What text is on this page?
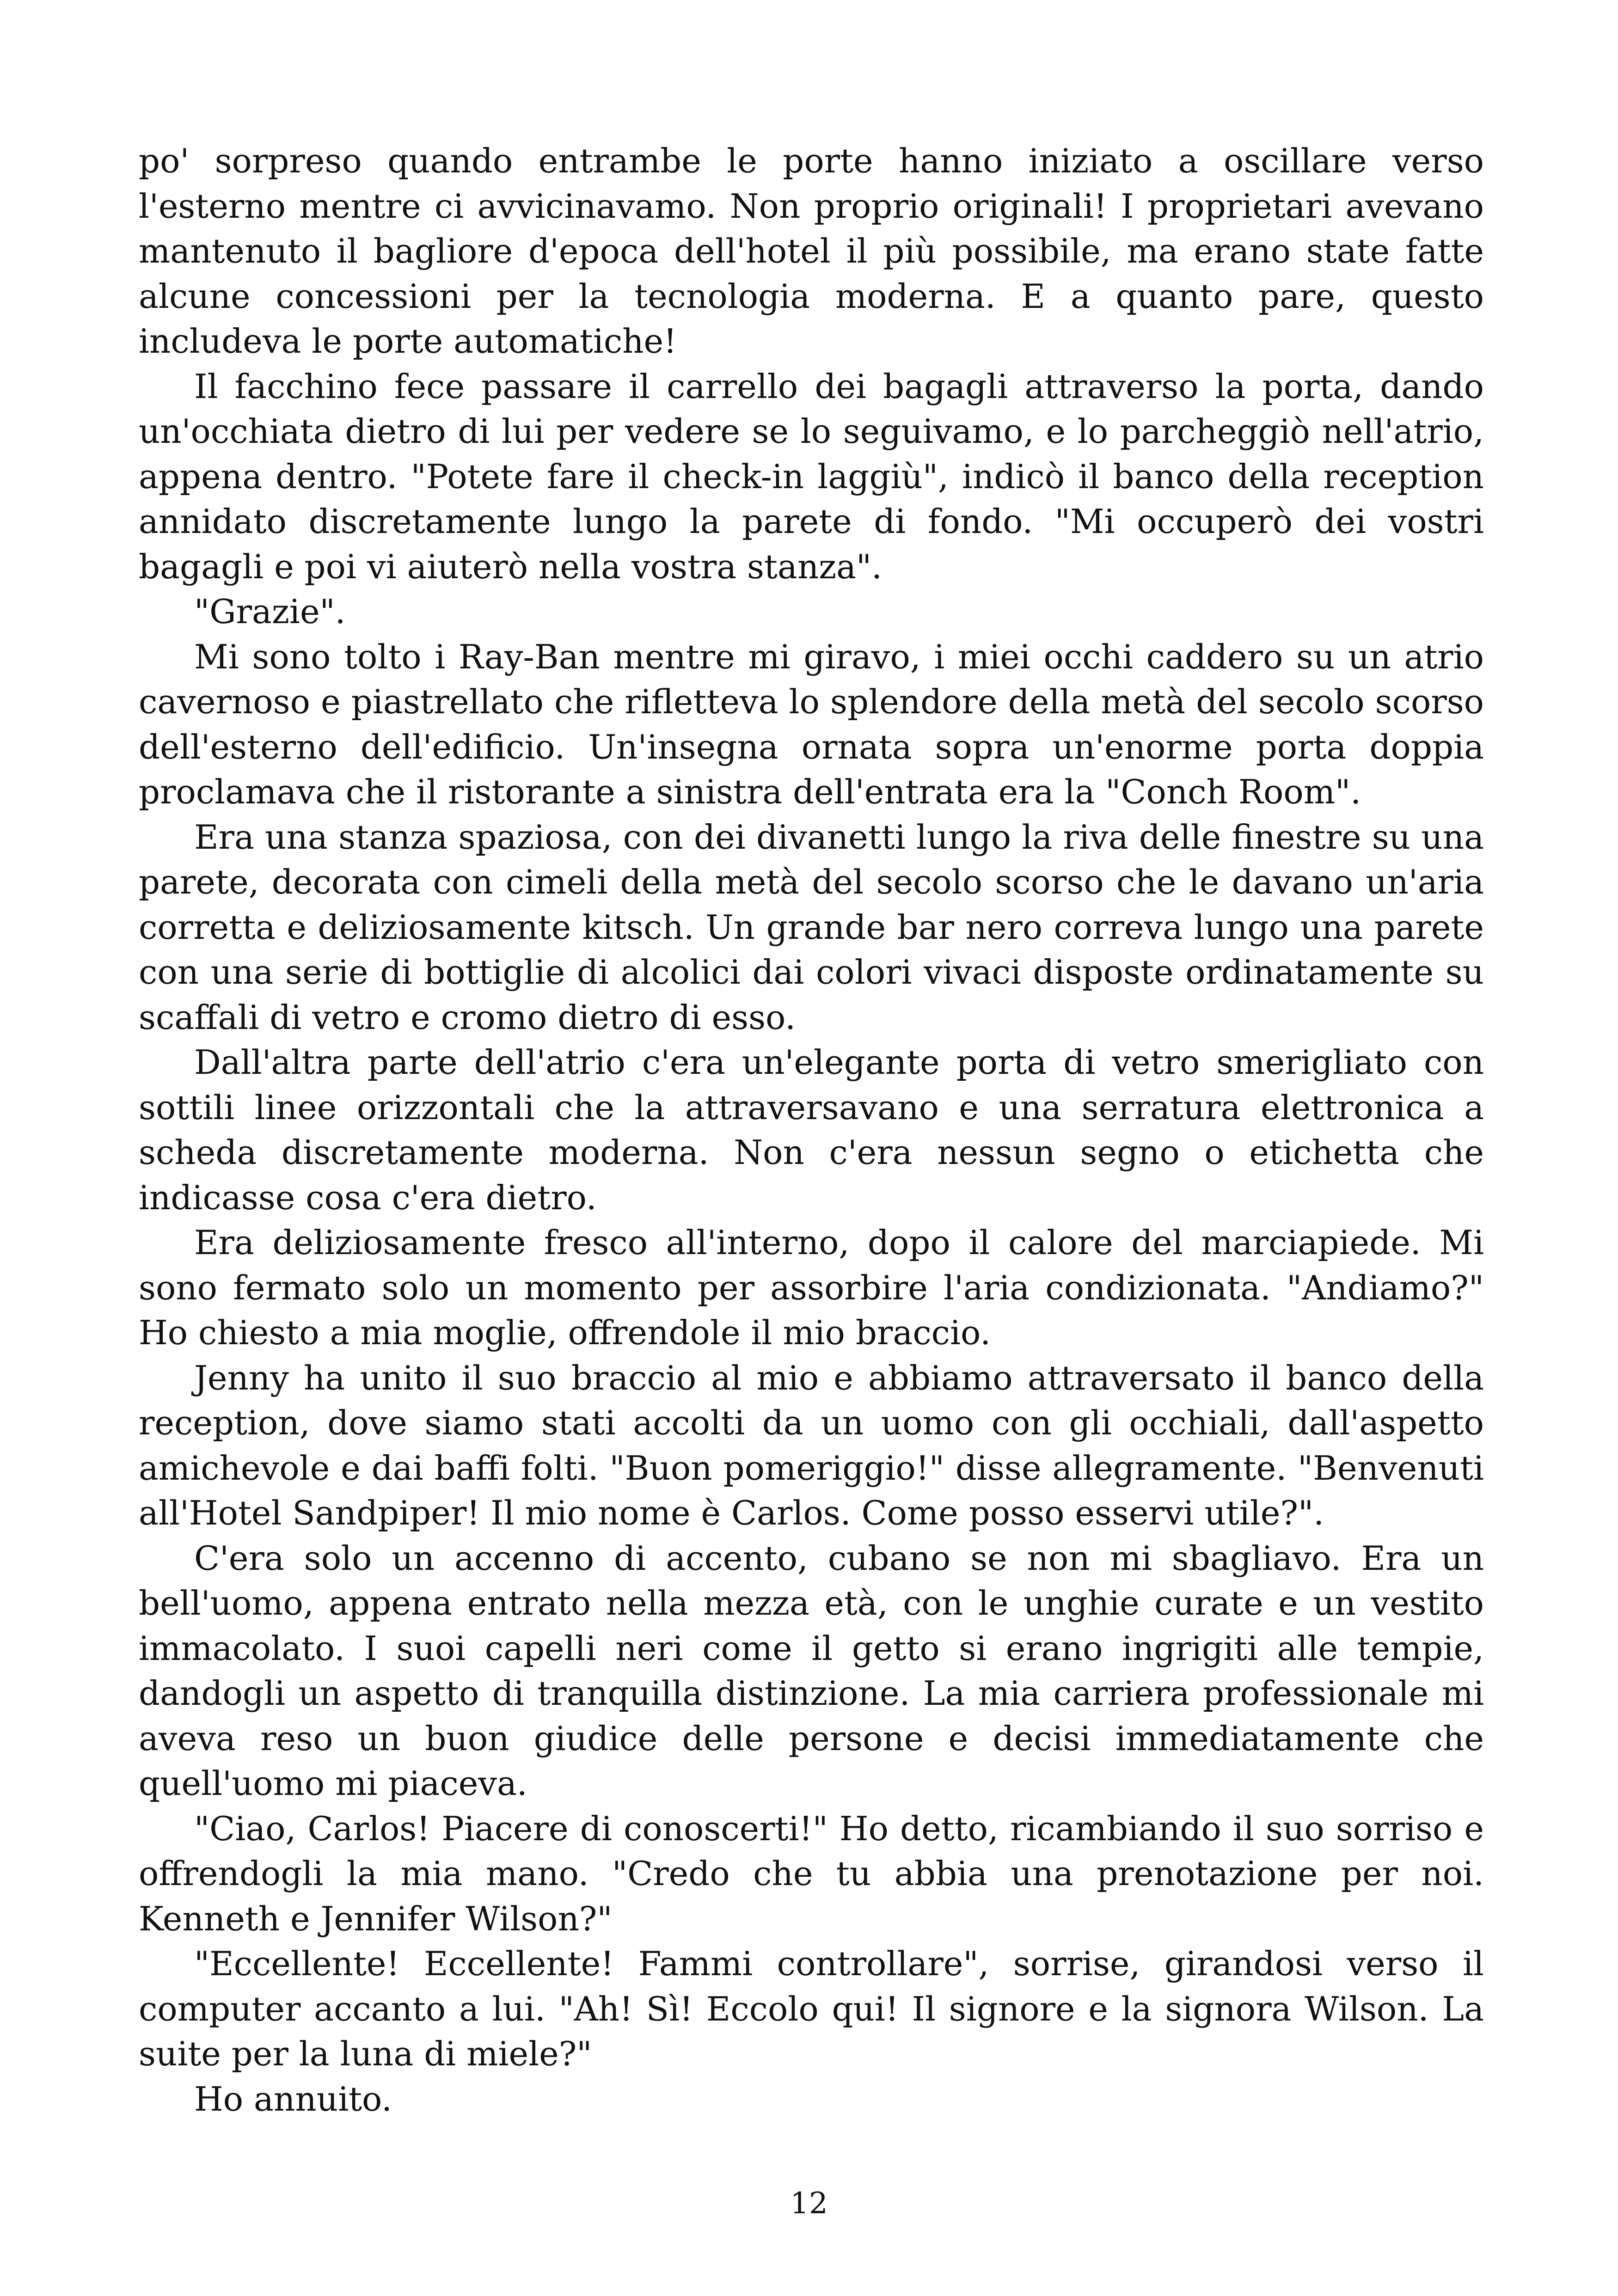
po' sorpreso quando entrambe le porte hanno iniziato a oscillare verso l'esterno mentre ci avvicinavamo. Non proprio originali! I proprietari avevano mantenuto il bagliore d'epoca dell'hotel il più possibile, ma erano state fatte alcune concessioni per la tecnologia moderna. E a quanto pare, questo includeva le porte automatiche!

Il facchino fece passare il carrello dei bagagli attraverso la porta, dando un'occhiata dietro di lui per vedere se lo seguivamo, e lo parcheggiò nell'atrio, appena dentro. "Potete fare il check-in laggiù", indicò il banco della reception annidato discretamente lungo la parete di fondo. "Mi occuperò dei vostri bagagli e poi vi aiuterò nella vostra stanza".

"Grazie".

Mi sono tolto i Ray-Ban mentre mi giravo, i miei occhi caddero su un atrio cavernoso e piastrellato che rifletteva lo splendore della metà del secolo scorso dell'esterno dell'edificio. Un'insegna ornata sopra un'enorme porta doppia proclamava che il ristorante a sinistra dell'entrata era la "Conch Room".

Era una stanza spaziosa, con dei divanetti lungo la riva delle finestre su una parete, decorata con cimeli della metà del secolo scorso che le davano un'aria corretta e deliziosamente kitsch. Un grande bar nero correva lungo una parete con una serie di bottiglie di alcolici dai colori vivaci disposte ordinatamente su scaffali di vetro e cromo dietro di esso.

Dall'altra parte dell'atrio c'era un'elegante porta di vetro smerigliato con sottili linee orizzontali che la attraversavano e una serratura elettronica a scheda discretamente moderna. Non c'era nessun segno o etichetta che indicasse cosa c'era dietro.

Era deliziosamente fresco all'interno, dopo il calore del marciapiede. Mi sono fermato solo un momento per assorbire l'aria condizionata. "Andiamo?" Ho chiesto a mia moglie, offrendole il mio braccio.

Jenny ha unito il suo braccio al mio e abbiamo attraversato il banco della reception, dove siamo stati accolti da un uomo con gli occhiali, dall'aspetto amichevole e dai baffi folti. "Buon pomeriggio!" disse allegramente. "Benvenuti all'Hotel Sandpiper! Il mio nome è Carlos. Come posso esservi utile?".

C'era solo un accenno di accento, cubano se non mi sbagliavo. Era un bell'uomo, appena entrato nella mezza età, con le unghie curate e un vestito immacolato. I suoi capelli neri come il getto si erano ingrigiti alle tempie, dandogli un aspetto di tranquilla distinzione. La mia carriera professionale mi aveva reso un buon giudice delle persone e decisi immediatamente che quell'uomo mi piaceva.

"Ciao, Carlos! Piacere di conoscerti!" Ho detto, ricambiando il suo sorriso e offrendogli la mia mano. "Credo che tu abbia una prenotazione per noi. Kenneth e Jennifer Wilson?"

"Eccellente! Eccellente! Fammi controllare", sorrise, girandosi verso il computer accanto a lui. "Ah! Sì! Eccolo qui! Il signore e la signora Wilson. La suite per la luna di miele?"

Ho annuito.

12
